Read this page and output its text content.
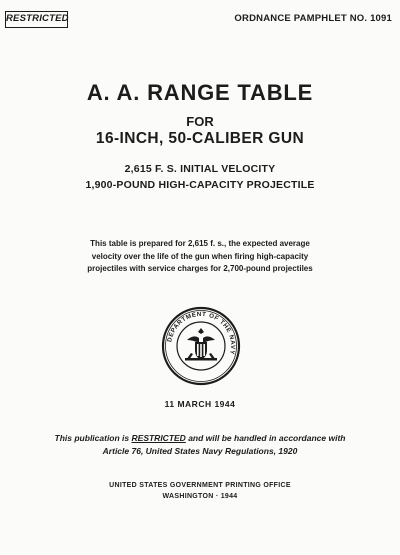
RESTRICTED	ORDNANCE PAMPHLET NO. 1091
A. A. RANGE TABLE
FOR
16-INCH, 50-CALIBER GUN
2,615 F. S. INITIAL VELOCITY
1,900-POUND HIGH-CAPACITY PROJECTILE
This table is prepared for 2,615 f. s., the expected average
velocity over the life of the gun when firing high-capacity
projectiles with service charges for 2,700-pound projectiles
DEPARTMENT OF THE NAVY
11 MARCH 1944
This publication is RESTRICTED and will be handled in accordance with
Article 76, United States Navy Regulations, 1920
UNITED STATES GOVERNMENT PRINTING OFFICE
WASHINGTON · 1944
